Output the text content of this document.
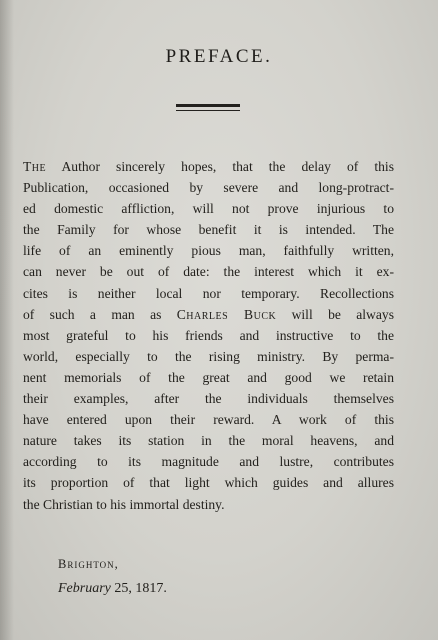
PREFACE.
The Author sincerely hopes, that the delay of this
Publication, occasioned by severe and long-protract-
ed domestic affliction, will not prove injurious to
the Family for whose benefit it is intended. The
life of an eminently pious man, faithfully written,
can never be out of date: the interest which it ex-
cites is neither local nor temporary. Recollections
of such a man as Charles Buck will be always
most grateful to his friends and instructive to the
world, especially to the rising ministry. By perma-
nent memorials of the great and good we retain
their examples, after the individuals themselves
have entered upon their reward. A work of this
nature takes its station in the moral heavens, and
according to its magnitude and lustre, contributes
its proportion of that light which guides and allures
the Christian to his immortal destiny.
Brighton,
February 25, 1817.
